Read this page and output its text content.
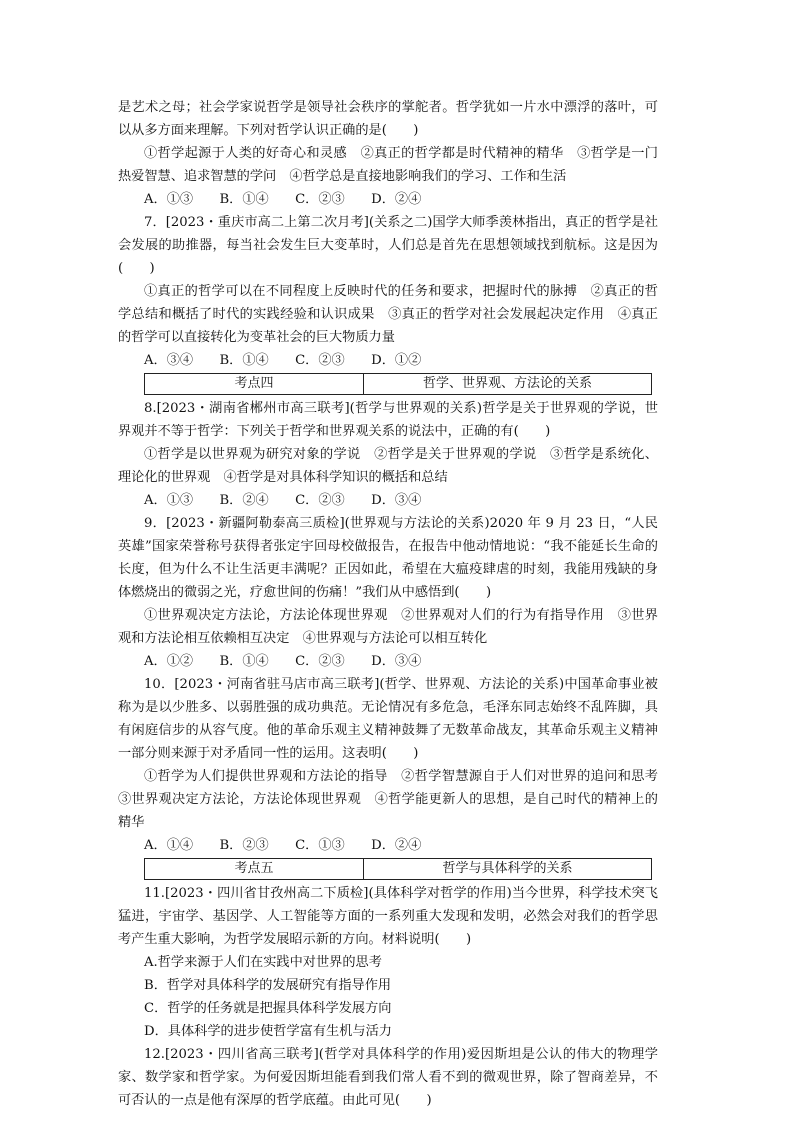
是艺术之母；社会学家说哲学是领导社会秩序的掌舵者。哲学犹如一片水中漂浮的落叶，可以从多方面来理解。下列对哲学认识正确的是(　　)

①哲学起源于人类的好奇心和灵感　②真正的哲学都是时代精神的精华　③哲学是一门热爱智慧、追求智慧的学问　④哲学总是直接地影响我们的学习、工作和生活

A．①③　　B．①④　　C．②③　　D．②④

7．[2023・重庆市高二上第二次月考](关系之二)国学大师季羡林指出，真正的哲学是社会发展的助推器，每当社会发生巨大变革时，人们总是首先在思想领域找到航标。这是因为(　　)

①真正的哲学可以在不同程度上反映时代的任务和要求，把握时代的脉搏　②真正的哲学总结和概括了时代的实践经验和认识成果　③真正的哲学对社会发展起决定作用　④真正的哲学可以直接转化为变革社会的巨大物质力量

A．③④　　B．①④　　C．②③　　D．①②

考点四	哲学、世界观、方法论的关系

8.[2023・湖南省郴州市高三联考](哲学与世界观的关系)哲学是关于世界观的学说，世界观并不等于哲学：下列关于哲学和世界观关系的说法中，正确的有(　　)

①哲学是以世界观为研究对象的学说　②哲学是关于世界观的学说　③哲学是系统化、理论化的世界观　④哲学是对具体科学知识的概括和总结

A．①③　　B．②④　　C．②③　　D．③④

9．[2023・新疆阿勒泰高三质检](世界观与方法论的关系)2020 年 9 月 23 日，“人民英雄”国家荣誉称号获得者张定宇回母校做报告，在报告中他动情地说：“我不能延长生命的长度，但为什么不让生活更丰满呢？正因如此，希望在大瘟疫肆虐的时刻，我能用残缺的身体燃烧出的微弱之光，疗愈世间的伤痛！”我们从中感悟到(　　)

①世界观决定方法论，方法论体现世界观　②世界观对人们的行为有指导作用　③世界观和方法论相互依赖相互决定　④世界观与方法论可以相互转化

A．①②　　B．①④　　C．②③　　D．③④

10．[2023・河南省驻马店市高三联考](哲学、世界观、方法论的关系)中国革命事业被称为是以少胜多、以弱胜强的成功典范。无论情况有多危急，毛泽东同志始终不乱阵脚，具有闲庭信步的从容气度。他的革命乐观主义精神鼓舞了无数革命战友，其革命乐观主义精神一部分则来源于对矛盾同一性的运用。这表明(　　)

①哲学为人们提供世界观和方法论的指导　②哲学智慧源自于人们对世界的追问和思考　③世界观决定方法论，方法论体现世界观　④哲学能更新人的思想，是自己时代的精神上的精华

A．①④　　B．②③　　C．①③　　D．②④

考点五	哲学与具体科学的关系

11.[2023・四川省甘孜州高二下质检](具体科学对哲学的作用)当今世界，科学技术突飞猛进，宇宙学、基因学、人工智能等方面的一系列重大发现和发明，必然会对我们的哲学思考产生重大影响，为哲学发展昭示新的方向。材料说明(　　)

A.哲学来源于人们在实践中对世界的思考

B．哲学对具体科学的发展研究有指导作用

C．哲学的任务就是把握具体科学发展方向

D．具体科学的进步使哲学富有生机与活力

12.[2023・四川省高三联考](哲学对具体科学的作用)爱因斯坦是公认的伟大的物理学家、数学家和哲学家。为何爱因斯坦能看到我们常人看不到的微观世界，除了智商差异，不可否认的一点是他有深厚的哲学底蕴。由此可见(　　)
